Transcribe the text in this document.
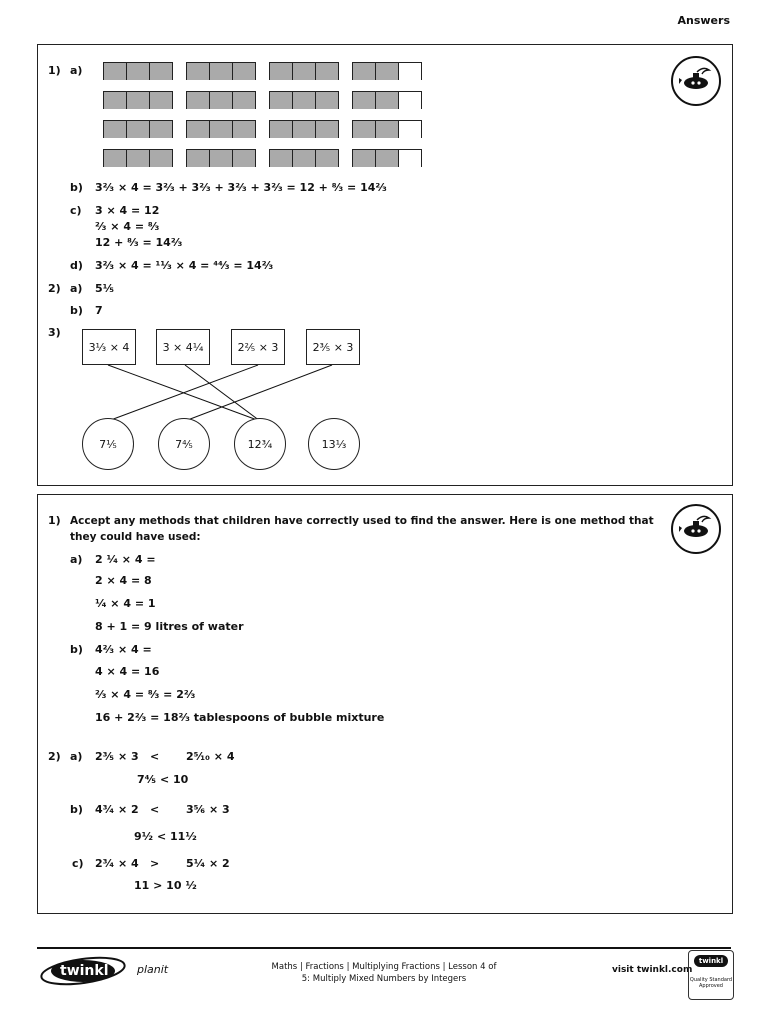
Answers
1) a)
b) 3²⁄₃ × 4 = 3²⁄₃ + 3²⁄₃ + 3²⁄₃ + 3²⁄₃ = 12 + ⁸⁄₃ = 14²⁄₃
c) 3 × 4 = 12
²⁄₃ × 4 = ⁸⁄₃
12 + ⁸⁄₃ = 14²⁄₃
d) 3²⁄₃ × 4 = ¹¹⁄₃ × 4 = ⁴⁴⁄₃ = 14²⁄₃
2) a) 5¹⁄₅
b) 7
3)
3¹⁄₃ × 4	3 × 4¹⁄₄	2²⁄₅ × 3	2³⁄₅ × 3
7¹⁄₅	7⁴⁄₅	12³⁄₄	13¹⁄₃
1) Accept any methods that children have correctly used to find the answer. Here is one method that
they could have used:
a) 2 ¹⁄₄ × 4 =
2 × 4 = 8
¹⁄₄ × 4 = 1
8 + 1 = 9 litres of water
b) 4²⁄₃ × 4 =
4 × 4 = 16
²⁄₃ × 4 = ⁸⁄₃ = 2²⁄₃
16 + 2²⁄₃ = 18²⁄₃ tablespoons of bubble mixture
2) a) 2³⁄₅ × 3 < 2⁵⁄₁₀ × 4
7⁴⁄₅ < 10
b) 4³⁄₄ × 2 < 3⁵⁄₆ × 3
9¹⁄₂ < 11¹⁄₂
c) 2³⁄₄ × 4 > 5¹⁄₄ × 2
11 > 10 ¹⁄₂
twinkl	planit	Maths | Fractions | Multiplying Fractions | Lesson 4 of
5: Multiply Mixed Numbers by Integers
visit twinkl.com
twinkl
Quality Standard
Approved
